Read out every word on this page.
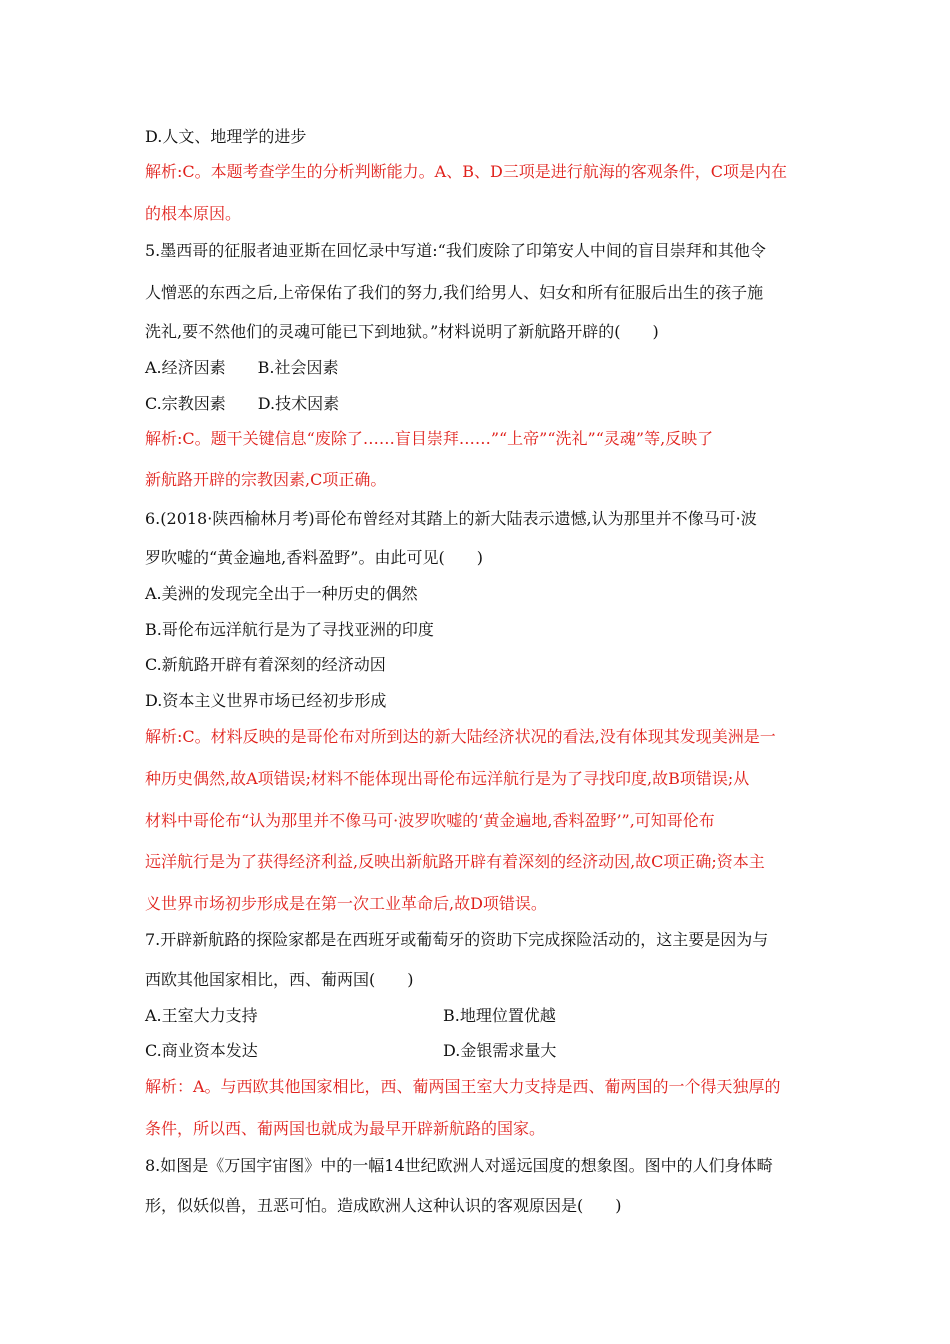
D.人文、地理学的进步
解析:C。本题考查学生的分析判断能力。A、B、D三项是进行航海的客观条件，C项是内在
的根本原因。
5.墨西哥的征服者迪亚斯在回忆录中写道:“我们废除了印第安人中间的盲目崇拜和其他令
人憎恶的东西之后,上帝保佑了我们的努力,我们给男人、妇女和所有征服后出生的孩子施
洗礼,要不然他们的灵魂可能已下到地狱。”材料说明了新航路开辟的(　　)
A.经济因素　　B.社会因素
C.宗教因素　　D.技术因素
解析:C。题干关键信息“废除了……盲目崇拜……”“上帝”“洗礼”“灵魂”等,反映了
新航路开辟的宗教因素,C项正确。
6.(2018·陕西榆林月考)哥伦布曾经对其踏上的新大陆表示遗憾,认为那里并不像马可·波
罗吹嘘的“黄金遍地,香料盈野”。由此可见(　　)
A.美洲的发现完全出于一种历史的偶然
B.哥伦布远洋航行是为了寻找亚洲的印度
C.新航路开辟有着深刻的经济动因
D.资本主义世界市场已经初步形成
解析:C。材料反映的是哥伦布对所到达的新大陆经济状况的看法,没有体现其发现美洲是一
种历史偶然,故A项错误;材料不能体现出哥伦布远洋航行是为了寻找印度,故B项错误;从
材料中哥伦布“认为那里并不像马可·波罗吹嘘的‘黄金遍地,香料盈野’”,可知哥伦布
远洋航行是为了获得经济利益,反映出新航路开辟有着深刻的经济动因,故C项正确;资本主
义世界市场初步形成是在第一次工业革命后,故D项错误。
7.开辟新航路的探险家都是在西班牙或葡萄牙的资助下完成探险活动的，这主要是因为与
西欧其他国家相比，西、葡两国(　　)
A.王室大力支持	B.地理位置优越
C.商业资本发达	D.金银需求量大
解析：A。与西欧其他国家相比，西、葡两国王室大力支持是西、葡两国的一个得天独厚的
条件，所以西、葡两国也就成为最早开辟新航路的国家。
8.如图是《万国宇宙图》中的一幅14世纪欧洲人对遥远国度的想象图。图中的人们身体畸
形，似妖似兽，丑恶可怕。造成欧洲人这种认识的客观原因是(　　)
